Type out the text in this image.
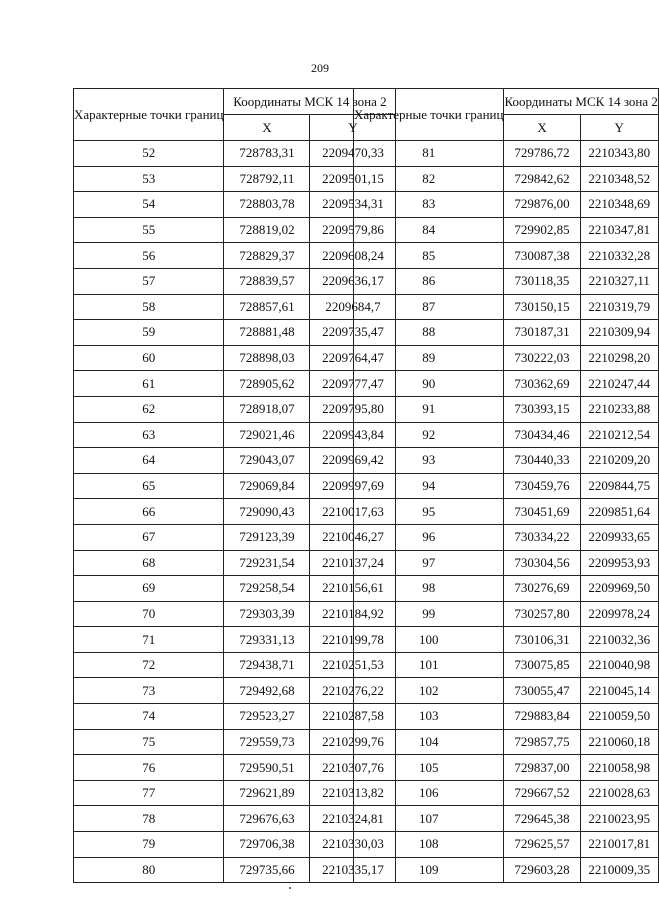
209
Характерные точки границ	Координаты МСК 14 зона 2	
	X	Y
52	728783,31	2209470,33
53	728792,11	2209501,15
54	728803,78	2209534,31
55	728819,02	2209579,86
56	728829,37	2209608,24
57	728839,57	2209636,17
58	728857,61	2209684,7
59	728881,48	2209735,47
60	728898,03	2209764,47
61	728905,62	2209777,47
62	728918,07	2209795,80
63	729021,46	2209943,84
64	729043,07	2209969,42
65	729069,84	2209997,69
66	729090,43	2210017,63
67	729123,39	2210046,27
68	729231,54	2210137,24
69	729258,54	2210156,61
70	729303,39	2210184,92
71	729331,13	2210199,78
72	729438,71	2210251,53
73	729492,68	2210276,22
74	729523,27	2210287,58
75	729559,73	2210299,76
76	729590,51	2210307,76
77	729621,89	2210313,82
78	729676,63	2210324,81
79	729706,38	2210330,03
80	729735,66	2210335,17
Характерные точки границ	Координаты МСК 14 зона 2	
	X	Y
81	729786,72	2210343,80
82	729842,62	2210348,52
83	729876,00	2210348,69
84	729902,85	2210347,81
85	730087,38	2210332,28
86	730118,35	2210327,11
87	730150,15	2210319,79
88	730187,31	2210309,94
89	730222,03	2210298,20
90	730362,69	2210247,44
91	730393,15	2210233,88
92	730434,46	2210212,54
93	730440,33	2210209,20
94	730459,76	2209844,75
95	730451,69	2209851,64
96	730334,22	2209933,65
97	730304,56	2209953,93
98	730276,69	2209969,50
99	730257,80	2209978,24
100	730106,31	2210032,36
101	730075,85	2210040,98
102	730055,47	2210045,14
103	729883,84	2210059,50
104	729857,75	2210060,18
105	729837,00	2210058,98
106	729667,52	2210028,63
107	729645,38	2210023,95
108	729625,57	2210017,81
109	729603,28	2210009,35
